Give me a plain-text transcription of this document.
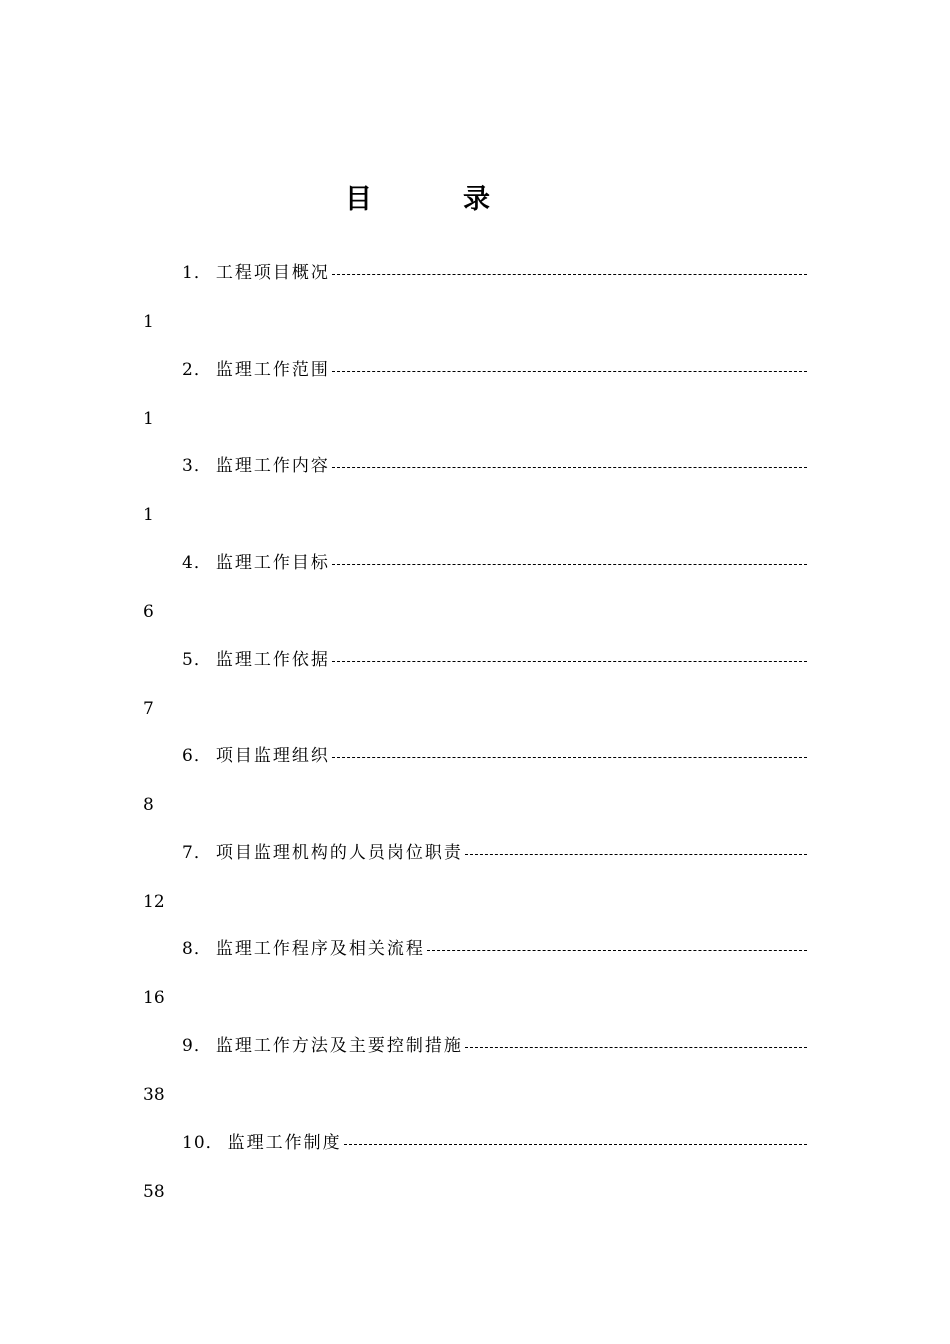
目　录
1． 工程项目概况
1
2． 监理工作范围
1
3． 监理工作内容
1
4． 监理工作目标
6
5． 监理工作依据
7
6． 项目监理组织
8
7． 项目监理机构的人员岗位职责
12
8． 监理工作程序及相关流程
16
9． 监理工作方法及主要控制措施
38
10． 监理工作制度
58
